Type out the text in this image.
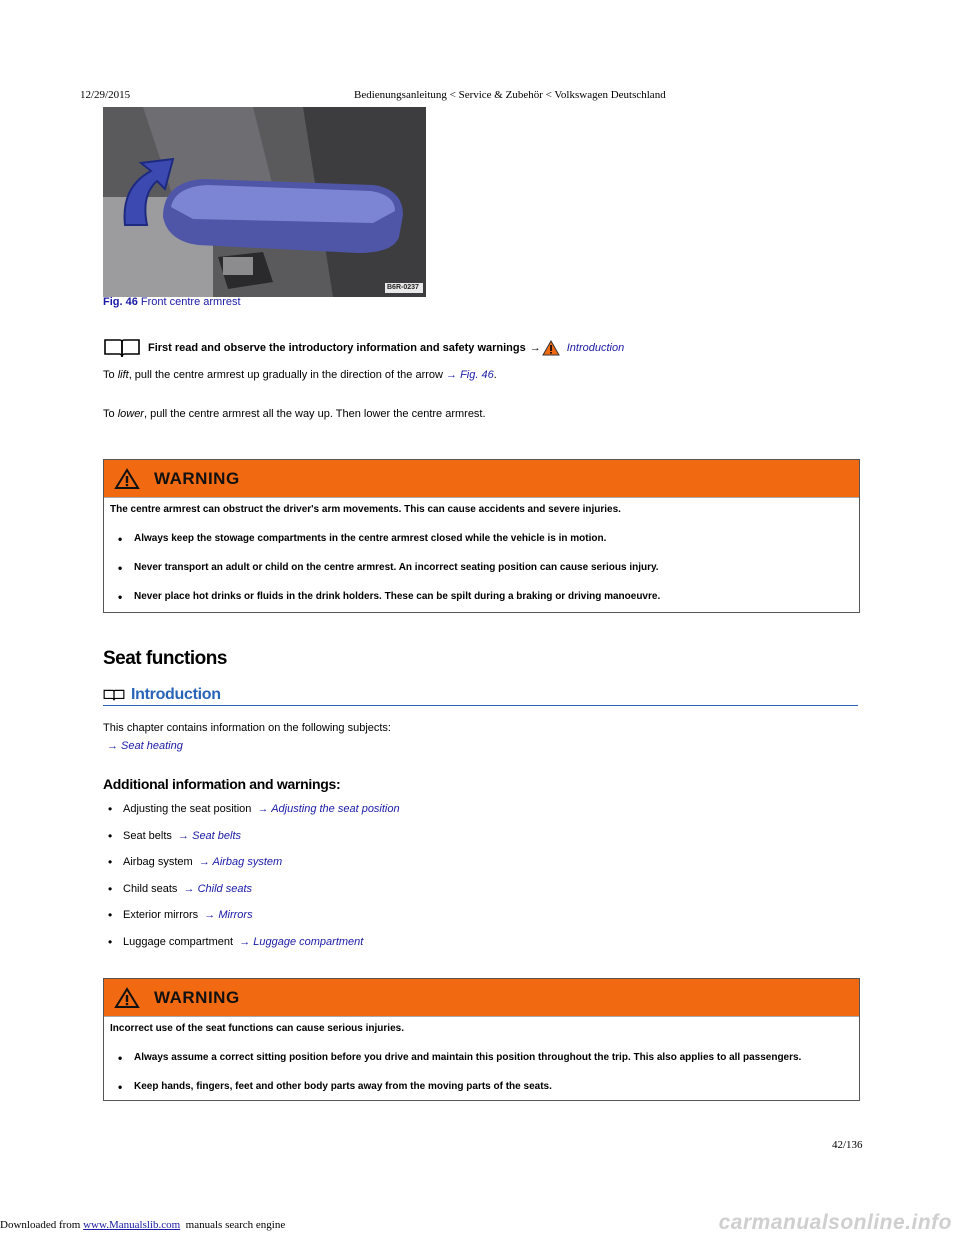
12/29/2015	Bedienungsanleitung < Service & Zubehör < Volkswagen Deutschland
B6R-0237
Fig. 46 Front centre armrest
First read and observe the introductory information and safety warnings → Introduction
To lift, pull the centre armrest up gradually in the direction of the arrow → Fig. 46.
To lower, pull the centre armrest all the way up. Then lower the centre armrest.
WARNING
The centre armrest can obstruct the driver's arm movements. This can cause accidents and severe injuries.
• Always keep the stowage compartments in the centre armrest closed while the vehicle is in motion.
• Never transport an adult or child on the centre armrest. An incorrect seating position can cause serious injury.
• Never place hot drinks or fluids in the drink holders. These can be spilt during a braking or driving manoeuvre.
Seat functions
Introduction
This chapter contains information on the following subjects:
→ Seat heating
Additional information and warnings:
• Adjusting the seat position → Adjusting the seat position
• Seat belts → Seat belts
• Airbag system → Airbag system
• Child seats → Child seats
• Exterior mirrors → Mirrors
• Luggage compartment → Luggage compartment
WARNING
Incorrect use of the seat functions can cause serious injuries.
• Always assume a correct sitting position before you drive and maintain this position throughout the trip. This also applies to all passengers.
• Keep hands, fingers, feet and other body parts away from the moving parts of the seats.
42/136
Downloaded from www.Manualslib.com  manuals search engine	carmanualsonline.info
